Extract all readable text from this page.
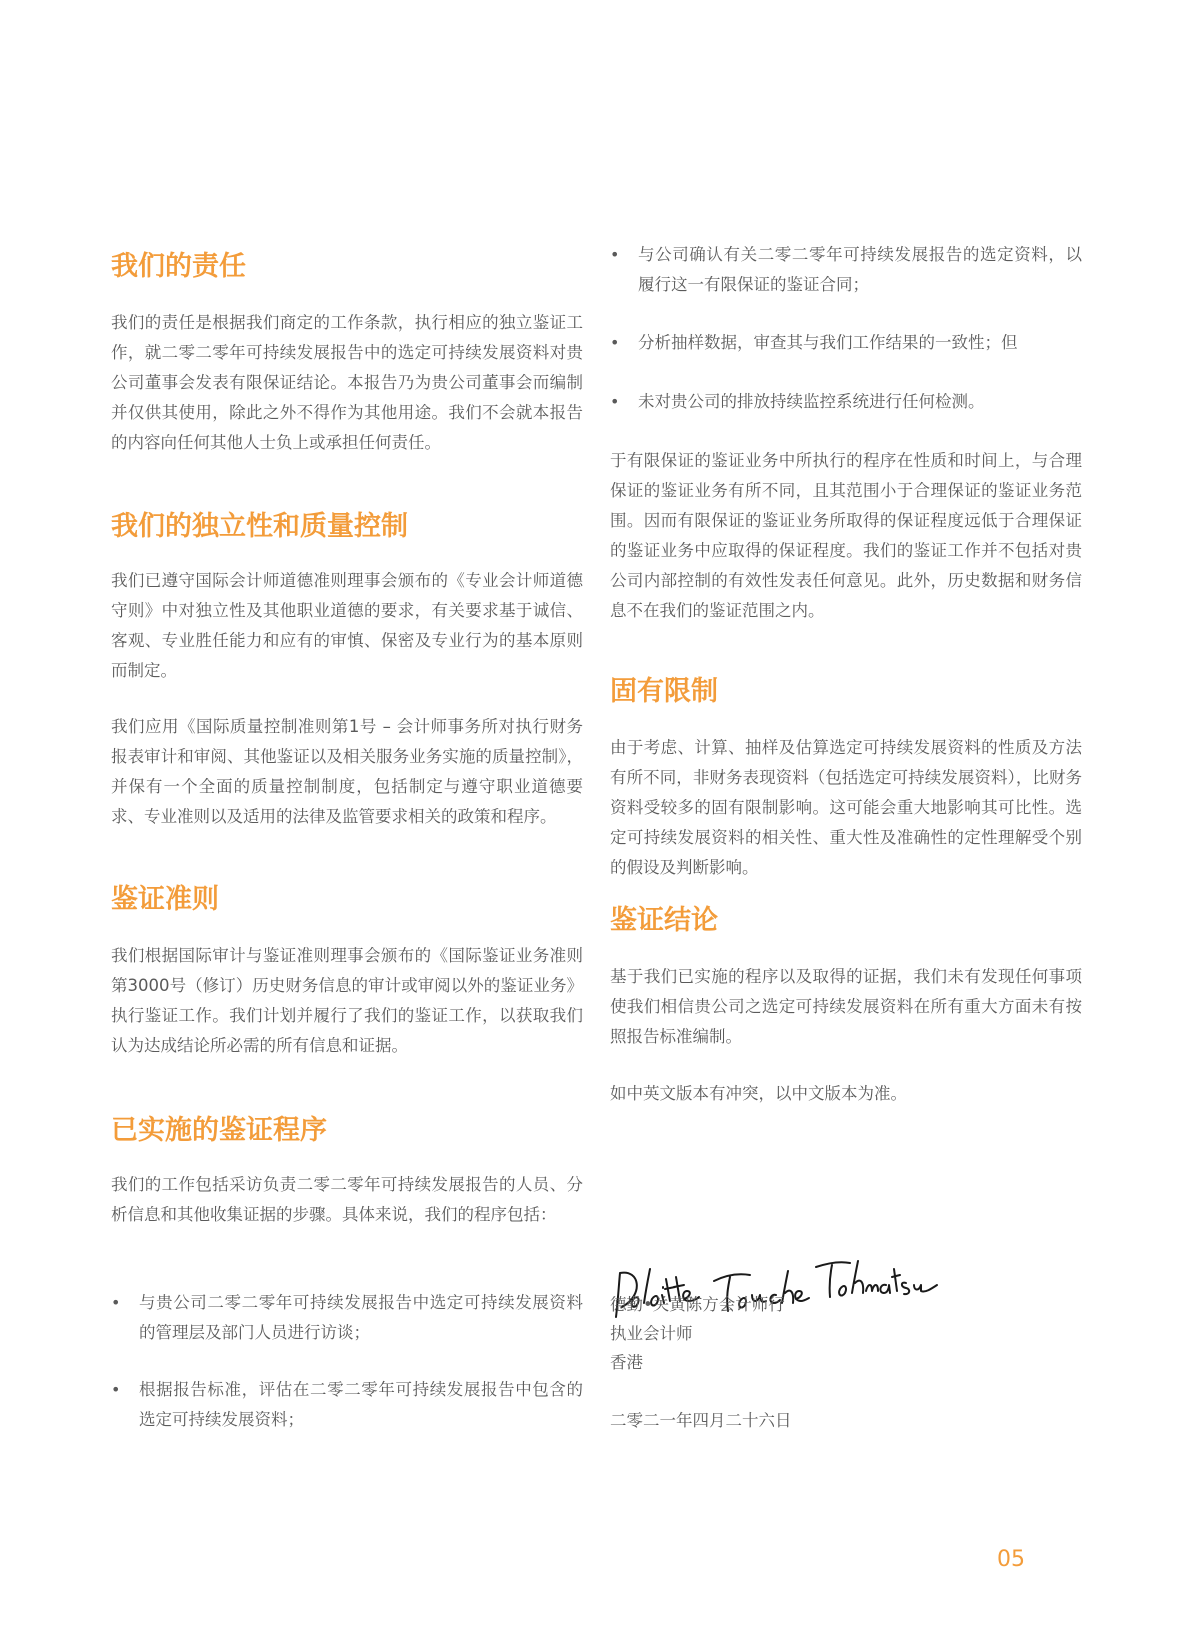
我们的责任

我们的责任是根据我们商定的工作条款，执行相应的独立鉴证工作，就二零二零年可持续发展报告中的选定可持续发展资料对贵公司董事会发表有限保证结论。本报告乃为贵公司董事会而编制并仅供其使用，除此之外不得作为其他用途。我们不会就本报告的内容向任何其他人士负上或承担任何责任。

我们的独立性和质量控制

我们已遵守国际会计师道德准则理事会颁布的《专业会计师道德守则》中对独立性及其他职业道德的要求，有关要求基于诚信、客观、专业胜任能力和应有的审慎、保密及专业行为的基本原则而制定。

我们应用《国际质量控制准则第1号 – 会计师事务所对执行财务报表审计和审阅、其他鉴证以及相关服务业务实施的质量控制》，并保有一个全面的质量控制制度，包括制定与遵守职业道德要求、专业准则以及适用的法律及监管要求相关的政策和程序。

鉴证准则

我们根据国际审计与鉴证准则理事会颁布的《国际鉴证业务准则第3000号（修订）历史财务信息的审计或审阅以外的鉴证业务》执行鉴证工作。我们计划并履行了我们的鉴证工作，以获取我们认为达成结论所必需的所有信息和证据。

已实施的鉴证程序

我们的工作包括采访负责二零二零年可持续发展报告的人员、分析信息和其他收集证据的步骤。具体来说，我们的程序包括：

• 与贵公司二零二零年可持续发展报告中选定可持续发展资料的管理层及部门人员进行访谈；
• 根据报告标准，评估在二零二零年可持续发展报告中包含的选定可持续发展资料；
• 与公司确认有关二零二零年可持续发展报告的选定资料，以履行这一有限保证的鉴证合同；
• 分析抽样数据，审查其与我们工作结果的一致性；但
• 未对贵公司的排放持续监控系统进行任何检测。

于有限保证的鉴证业务中所执行的程序在性质和时间上，与合理保证的鉴证业务有所不同，且其范围小于合理保证的鉴证业务范围。因而有限保证的鉴证业务所取得的保证程度远低于合理保证的鉴证业务中应取得的保证程度。我们的鉴证工作并不包括对贵公司内部控制的有效性发表任何意见。此外，历史数据和财务信息不在我们的鉴证范围之内。

固有限制

由于考虑、计算、抽样及估算选定可持续发展资料的性质及方法有所不同，非财务表现资料（包括选定可持续发展资料），比财务资料受较多的固有限制影响。这可能会重大地影响其可比性。选定可持续发展资料的相关性、重大性及准确性的定性理解受个别的假设及判断影响。

鉴证结论

基于我们已实施的程序以及取得的证据，我们未有发现任何事项使我们相信贵公司之选定可持续发展资料在所有重大方面未有按照报告标准编制。

如中英文版本有冲突，以中文版本为准。

德勤•关黄陈方会计师行
执业会计师
香港
二零二一年四月二十六日
05
